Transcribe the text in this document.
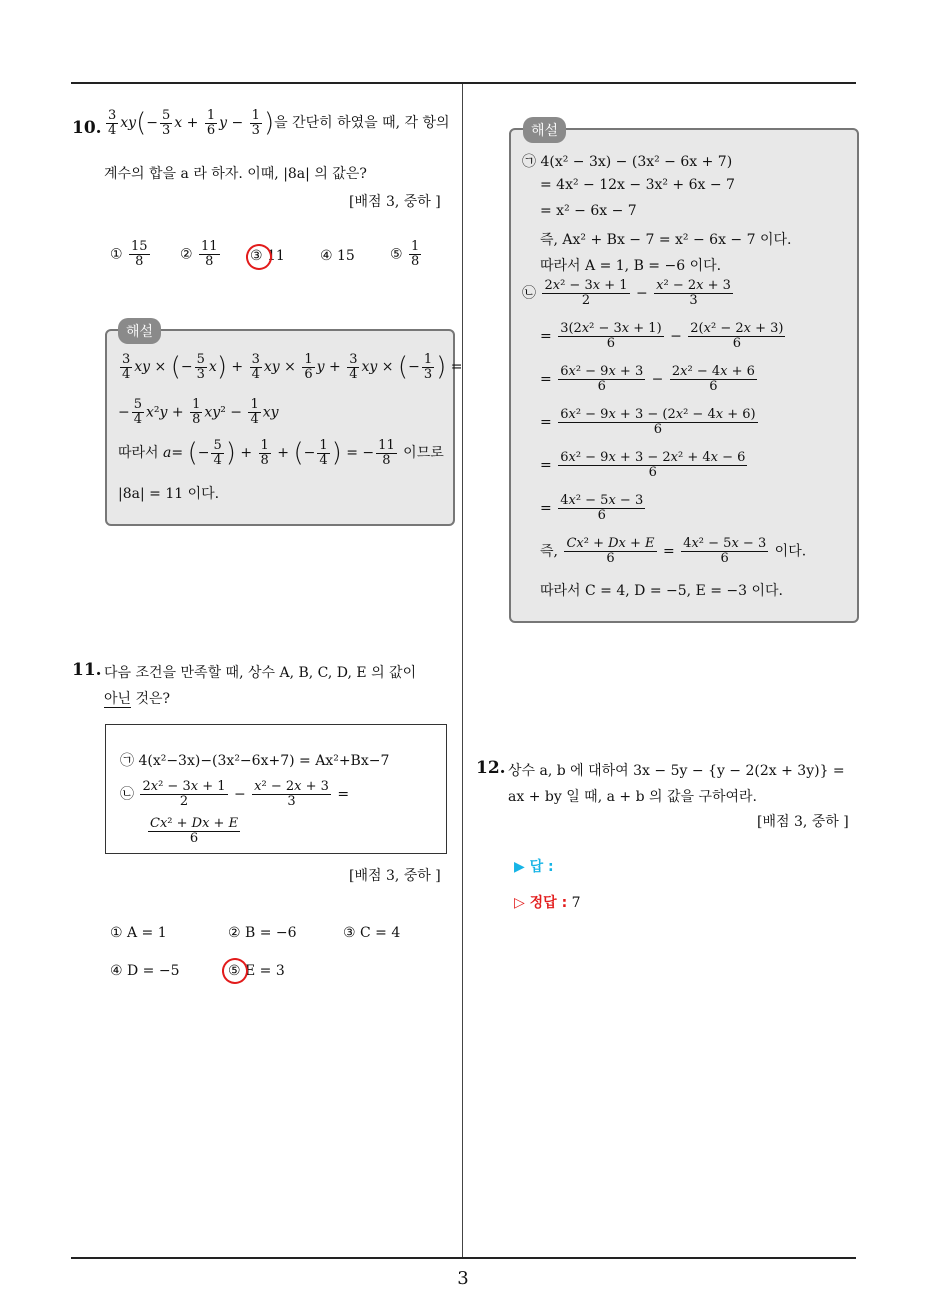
10. $\frac{3}{4} xy(- \frac{5}{3}$ $x + \frac{1}{6}$ $y - \frac{1}{3}$ )을 간단히 하였을 때, 각 항의
계수의 합을 a 라 하자. 이때, |8a| 의 값은?
[배점 3, 중하 ]
① $\frac{15}{8}$ ② $\frac{11}{8}$ ③ 11	④ 15	⑤ $\frac{1}{8}$
해설
$\frac{3}{4}$ xy × (− $\frac{5}{3} x) + \frac{3}{4}$ xy × $\frac{1}{6}$ $y + \frac{3}{4}$ xy × (− $\frac{1}{3}$ ) =
− $\frac{5}{4} x^2y + \frac{1}{8} xy^2 - \frac{1}{4}$ xy
따라서 a= (− $\frac{5}{4}$ ) + $\frac{1}{8}$ + (− $\frac{1}{4}$ ) = − $\frac{11}{8}$ 이므로
|8a| = 11 이다.
11. 다음 조건을 만족할 때, 상수 A, B, C, D, E 의 값이
아닌 것은?
㉠ 4(x²−3x)−(3x²−6x+7) = Ax²+Bx−7
㉡ $\frac{\text{2x² − 3x + 1}}{2} - \frac{\text{x² − 2x + 3}}{3}$ =
$\frac{\text{Cx² + Dx + E}}{6}$
[배점 3, 중하 ]
① A = 1	② B = −6	③ C = 4
④ D = −5	⑤ E = 3
해설
㉠ 4(x² − 3x) − (3x² − 6x + 7)
= 4x² − 12x − 3x² + 6x − 7
= x² − 6x − 7
즉, Ax² + Bx − 7 = x² − 6x − 7 이다.
따라서 A = 1, B = −6 이다.
㉡ $\frac{\text{2x² − 3x + 1}}{2} - \frac{\text{x² − 2x + 3}}{3}$
= $\frac{\text{3(2x² − 3x + 1)}}{6} - \frac{\text{2(x² − 2x + 3)}}{6}$
= $\frac{\text{6x² − 9x + 3}}{6} - \frac{\text{2x² − 4x + 6}}{6}$
= $\frac{\text{6x² − 9x + 3 − (2x² − 4x + 6)}}{6}$
= $\frac{\text{6x² − 9x + 3 − 2x² + 4x − 6}}{6}$
= $\frac{\text{4x² − 5x − 3}}{6}$
즉, $\frac{\text{Cx² + Dx + E}}{6} = \frac{\text{4x² − 5x − 3}}{6}$ 이다.
따라서 C = 4, D = −5, E = −3 이다.
12. 상수 a, b 에 대하여 3x − 5y − {y − 2(2x + 3y)} =
ax + by 일 때, a + b 의 값을 구하여라.
[배점 3, 중하 ]
▶ 답 :
▷ 정답 : 7
3
